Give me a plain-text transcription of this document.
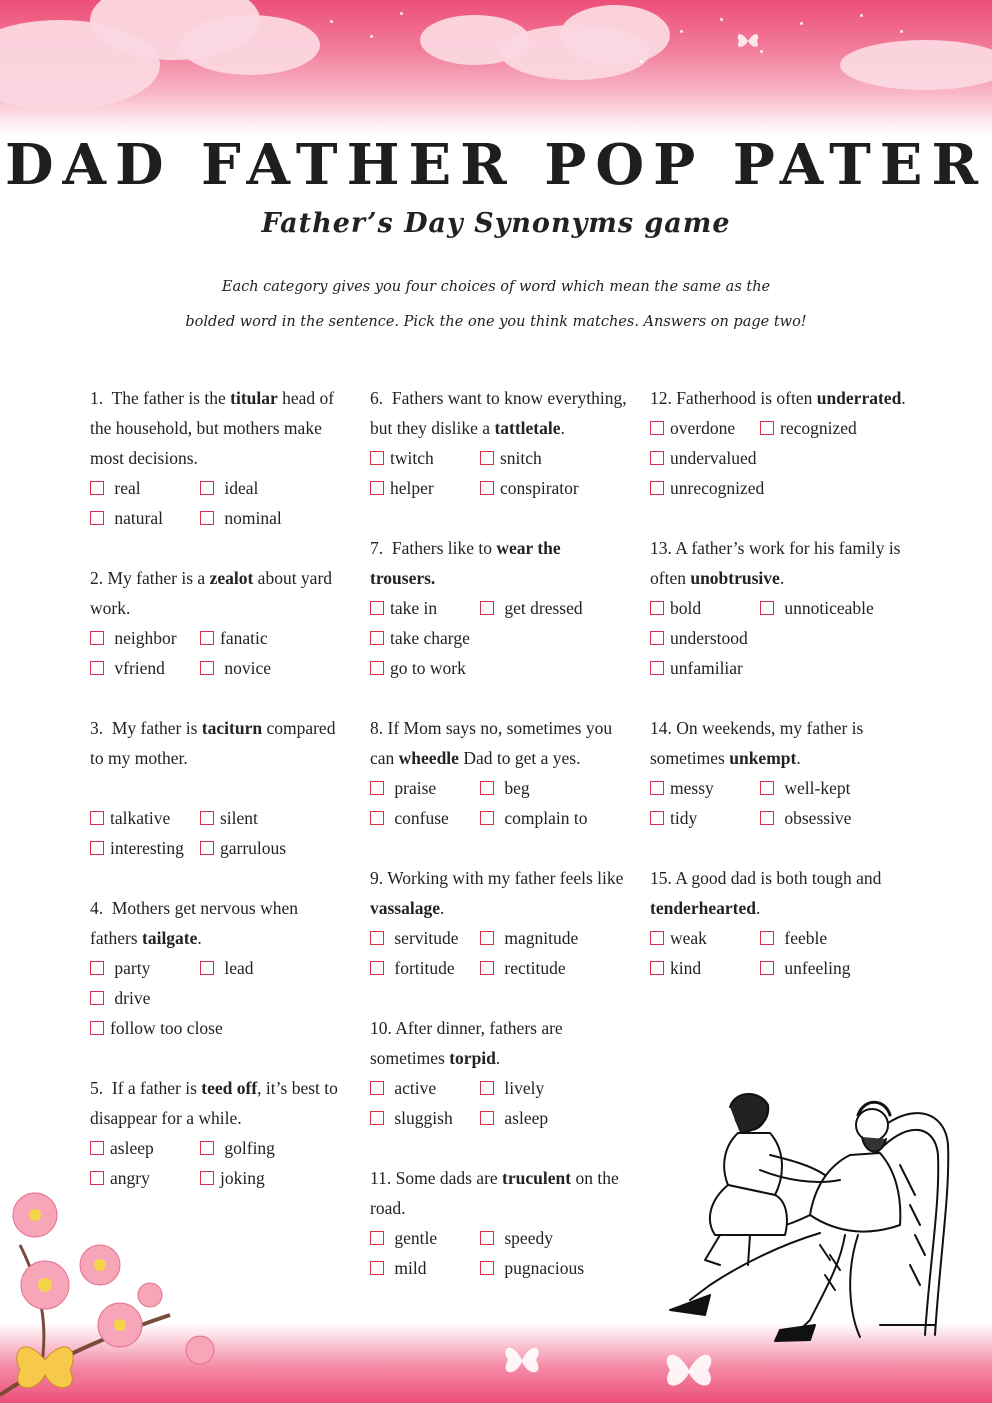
DAD FATHER POP PATER
Father’s Day Synonyms game
Each category gives you four choices of word which mean the same as the
bolded word in the sentence. Pick the one you think matches. Answers on page two!

1. The father is the titular head of the household, but mothers make most decisions.

real	ideal
natural	nominal

2. My father is a zealot about yard work.

neighbor	fanatic
vfriend	novice

3. My father is taciturn compared to my mother.

talkative	silent
interesting	garrulous

4. Mothers get nervous when fathers tailgate.

party	lead
drive
follow too close

5. If a father is teed off, it’s best to disappear for a while.

asleep	golfing
angry	joking

6. Fathers want to know everything, but they dislike a tattletale.

twitch	snitch
helper	conspirator

7. Fathers like to wear the trousers.

take in	get dressed
take charge
go to work

8. If Mom says no, sometimes you can wheedle Dad to get a yes.

praise	beg
confuse	complain to

9. Working with my father feels like vassalage.

servitude	magnitude
fortitude	rectitude

10. After dinner, fathers are sometimes torpid.

active	lively
sluggish	asleep

11. Some dads are truculent on the road.

gentle	speedy
mild	pugnacious

12. Fatherhood is often underrated.

overdone	recognized
undervalued
unrecognized

13. A father’s work for his family is often unobtrusive.

bold	unnoticeable
understood
unfamiliar

14. On weekends, my father is sometimes unkempt.

messy	well-kept
tidy	obsessive

15. A good dad is both tough and tenderhearted.

weak	feeble
kind	unfeeling
